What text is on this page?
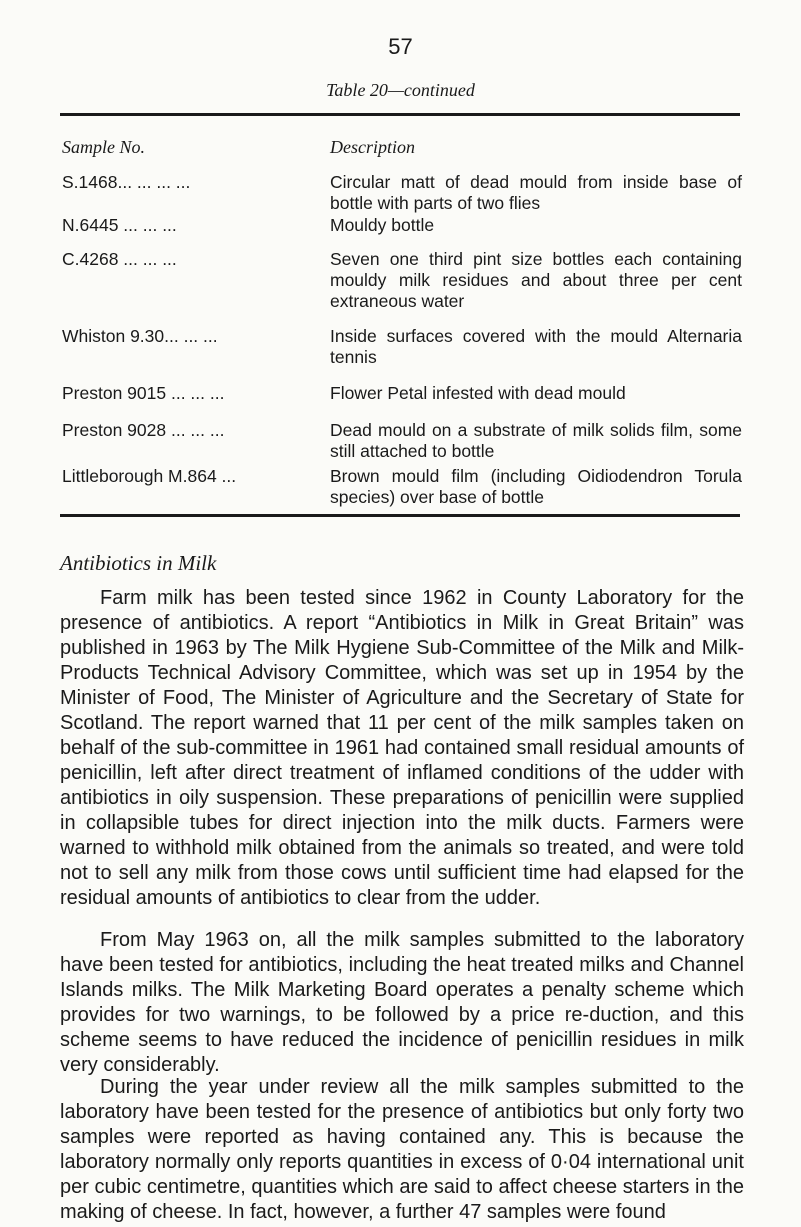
57
Table 20—continued
Sample No.	Description
S.1468... ... ... ...	Circular matt of dead mould from inside base of bottle with parts of two flies
N.6445 ... ... ...	Mouldy bottle
C.4268 ... ... ...	Seven one third pint size bottles each containing mouldy milk residues and about three per cent extraneous water
Whiston 9.30... ... ...	Inside surfaces covered with the mould Alternaria tennis
Preston 9015 ... ... ...	Flower Petal infested with dead mould
Preston 9028 ... ... ...	Dead mould on a substrate of milk solids film, some still attached to bottle
Littleborough M.864 ...	Brown mould film (including Oidiodendron Torula species) over base of bottle
Antibiotics in Milk

Farm milk has been tested since 1962 in County Laboratory for the presence of antibiotics. A report “Antibiotics in Milk in Great Britain” was published in 1963 by The Milk Hygiene Sub-Committee of the Milk and Milk-Products Technical Advisory Committee, which was set up in 1954 by the Minister of Food, The Minister of Agriculture and the Secretary of State for Scotland. The report warned that 11 per cent of the milk samples taken on behalf of the sub-committee in 1961 had contained small residual amounts of penicillin, left after direct treatment of inflamed conditions of the udder with antibiotics in oily suspension. These preparations of penicillin were supplied in collapsible tubes for direct injection into the milk ducts. Farmers were warned to withhold milk obtained from the animals so treated, and were told not to sell any milk from those cows until sufficient time had elapsed for the residual amounts of antibiotics to clear from the udder.

From May 1963 on, all the milk samples submitted to the laboratory have been tested for antibiotics, including the heat treated milks and Channel Islands milks. The Milk Marketing Board operates a penalty scheme which provides for two warnings, to be followed by a price re-duction, and this scheme seems to have reduced the incidence of penicillin residues in milk very considerably.

During the year under review all the milk samples submitted to the laboratory have been tested for the presence of antibiotics but only forty two samples were reported as having contained any. This is because the laboratory normally only reports quantities in excess of 0·04 international unit per cubic centimetre, quantities which are said to affect cheese starters in the making of cheese. In fact, however, a further 47 samples were found
